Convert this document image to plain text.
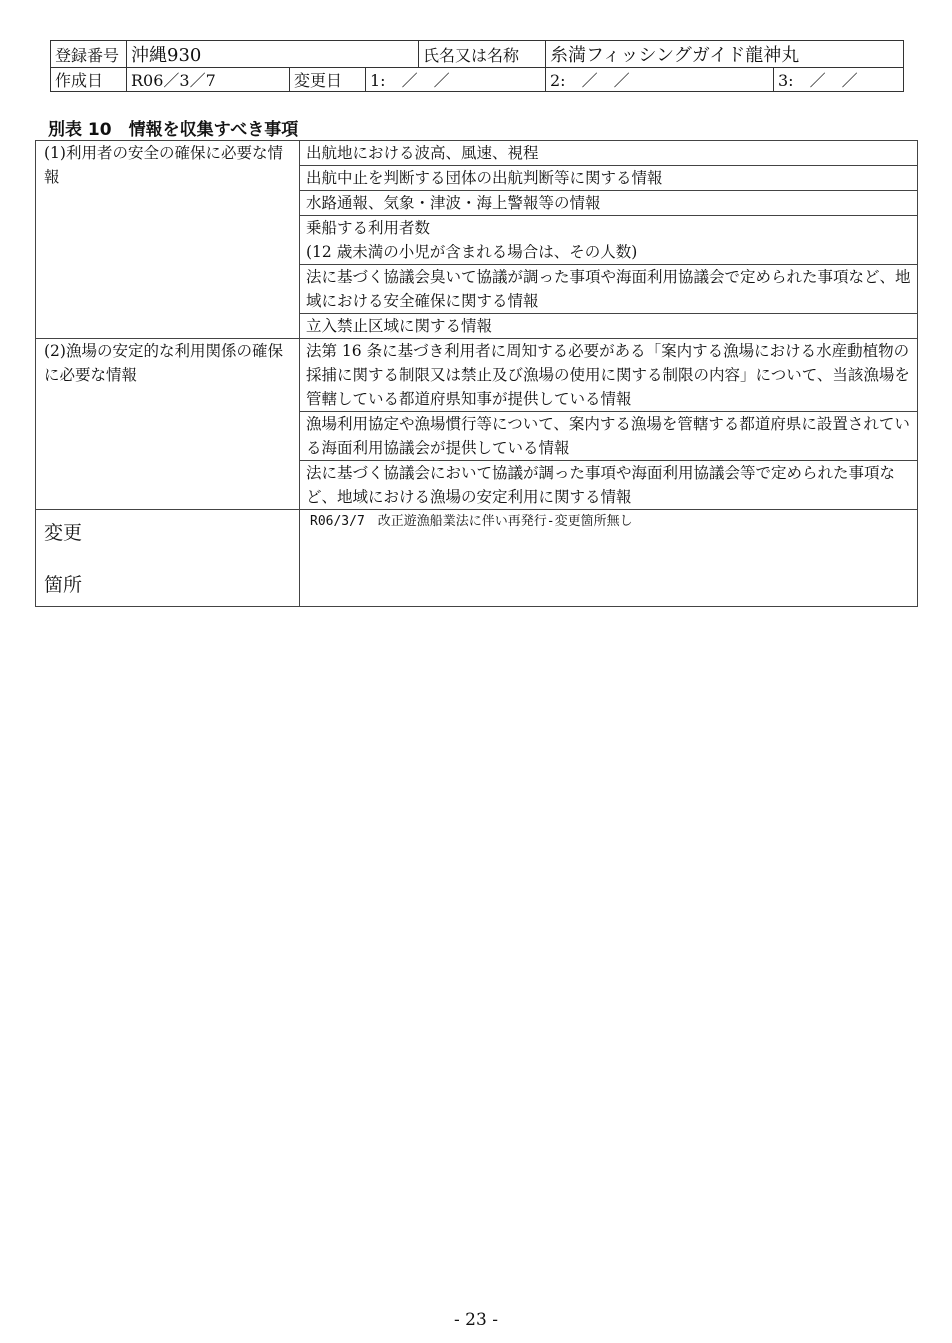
登録番号	沖縄930			氏名又は名称	糸満フィッシングガイド龍神丸	
作成日	R06／3／7	変更日	1:　／　／		2:　／　／	3:　／　／
別表 10　情報を収集すべき事項
(1)利用者の安全の確保に必要な情報	出航地における波高、風速、視程
	出航中止を判断する団体の出航判断等に関する情報
	水路通報、気象・津波・海上警報等の情報
	乗船する利用者数
(12 歳未満の小児が含まれる場合は、その人数)
	法に基づく協議会臭いて協議が調った事項や海面利用協議会で定められた事項など、地域における安全確保に関する情報
	立入禁止区域に関する情報
(2)漁場の安定的な利用関係の確保に必要な情報	法第 16 条に基づき利用者に周知する必要がある「案内する漁場における水産動植物の採捕に関する制限又は禁止及び漁場の使用に関する制限の内容」について、当該漁場を管轄している都道府県知事が提供している情報
	漁場利用協定や漁場慣行等について、案内する漁場を管轄する都道府県に設置されている海面利用協議会が提供している情報
	法に基づく協議会において協議が調った事項や海面利用協議会等で定められた事項など、地域における漁場の安定利用に関する情報

変更
箇所	R06/3/7　改正遊漁船業法に伴い再発行-変更箇所無し
- 23 -
